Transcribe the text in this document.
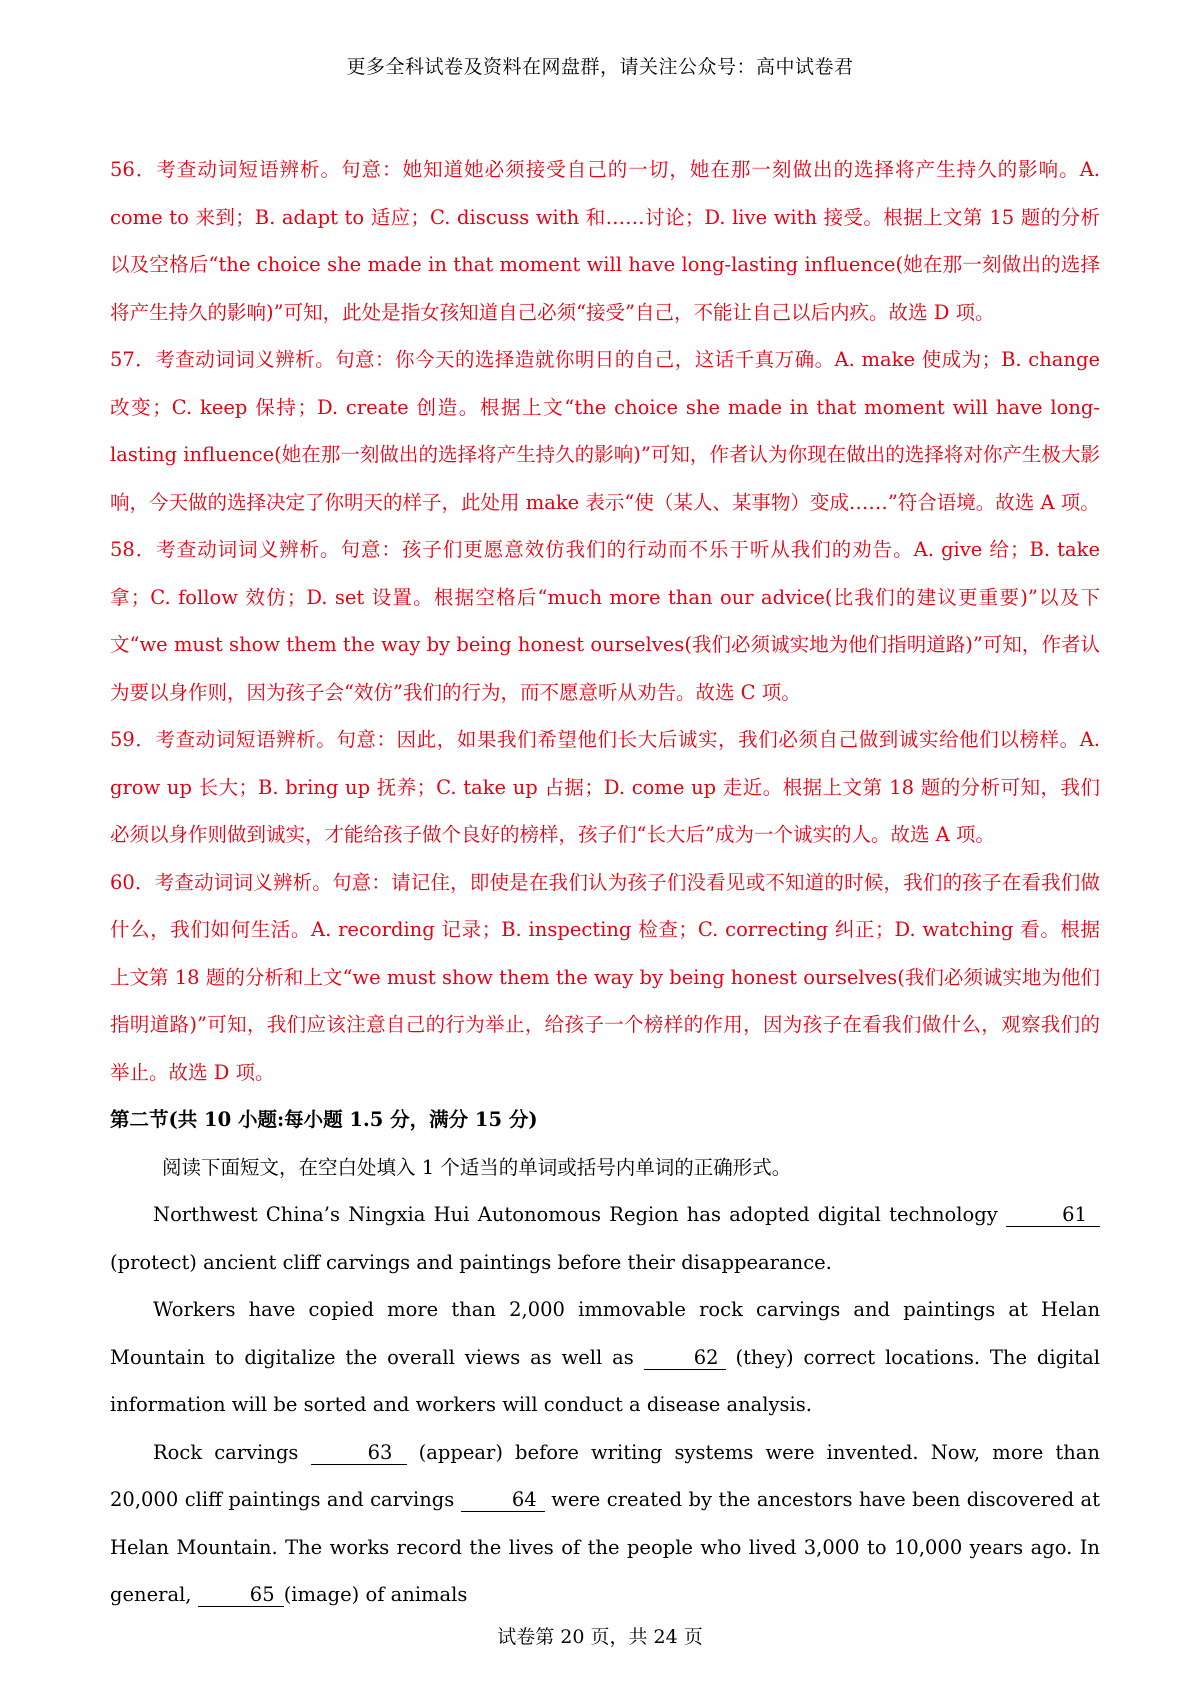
更多全科试卷及资料在网盘群，请关注公众号：高中试卷君

56．考查动词短语辨析。句意：她知道她必须接受自己的一切，她在那一刻做出的选择将产生持久的影响。A. come to 来到；B. adapt to 适应；C. discuss with 和……讨论；D. live with 接受。根据上文第 15 题的分析以及空格后“the choice she made in that moment will have long-lasting influence(她在那一刻做出的选择将产生持久的影响)”可知，此处是指女孩知道自己必须“接受”自己，不能让自己以后内疚。故选 D 项。

57．考查动词词义辨析。句意：你今天的选择造就你明日的自己，这话千真万确。A. make 使成为；B. change 改变；C. keep 保持；D. create 创造。根据上文“the choice she made in that moment will have long-lasting influence(她在那一刻做出的选择将产生持久的影响)”可知，作者认为你现在做出的选择将对你产生极大影响，今天做的选择决定了你明天的样子，此处用 make 表示“使（某人、某事物）变成……”符合语境。故选 A 项。

58．考查动词词义辨析。句意：孩子们更愿意效仿我们的行动而不乐于听从我们的劝告。A. give 给；B. take 拿；C. follow 效仿；D. set 设置。根据空格后“much more than our advice(比我们的建议更重要)”以及下文“we must show them the way by being honest ourselves(我们必须诚实地为他们指明道路)”可知，作者认为要以身作则，因为孩子会“效仿”我们的行为，而不愿意听从劝告。故选 C 项。

59．考查动词短语辨析。句意：因此，如果我们希望他们长大后诚实，我们必须自己做到诚实给他们以榜样。A. grow up 长大；B. bring up 抚养；C. take up 占据；D. come up 走近。根据上文第 18 题的分析可知，我们必须以身作则做到诚实，才能给孩子做个良好的榜样，孩子们“长大后”成为一个诚实的人。故选 A 项。

60．考查动词词义辨析。句意：请记住，即使是在我们认为孩子们没看见或不知道的时候，我们的孩子在看我们做什么，我们如何生活。A. recording 记录；B. inspecting 检查；C. correcting 纠正；D. watching 看。根据上文第 18 题的分析和上文“we must show them the way by being honest ourselves(我们必须诚实地为他们指明道路)”可知，我们应该注意自己的行为举止，给孩子一个榜样的作用，因为孩子在看我们做什么，观察我们的举止。故选 D 项。

第二节(共 10 小题:每小题 1.5 分，满分 15 分)

阅读下面短文，在空白处填入 1 个适当的单词或括号内单词的正确形式。

Northwest China’s Ningxia Hui Autonomous Region has adopted digital technology	61 (protect) ancient cliff carvings and paintings before their disappearance.

Workers have copied more than 2,000 immovable rock carvings and paintings at Helan Mountain to digitalize the overall views as well as	62 (they) correct locations. The digital information will be sorted and workers will conduct a disease analysis.

Rock carvings	63 (appear) before writing systems were invented. Now, more than 20,000 cliff paintings and carvings	64 were created by the ancestors have been discovered at Helan Mountain. The works record the lives of the people who lived 3,000 to 10,000 years ago. In general,	65 (image) of animals

试卷第 20 页，共 24 页
